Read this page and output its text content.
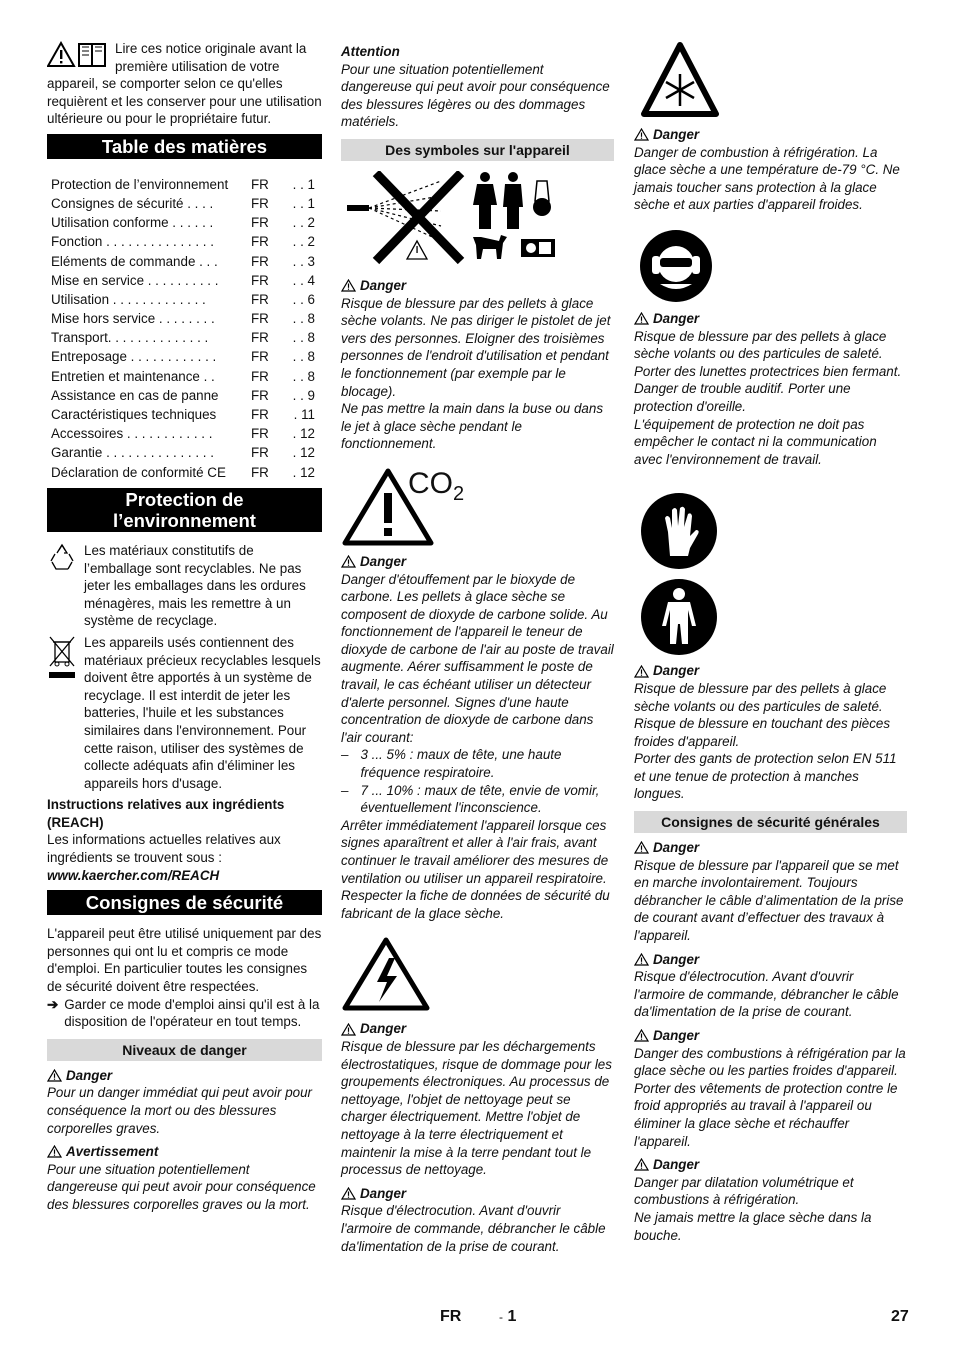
Lire ces notice originale avant la première utilisation de votre appareil, se comporter selon ce qu'elles requièrent et les conserver pour une utilisation ultérieure ou pour le propriétaire futur.

Table des matières
Protection de l’environnement	FR	. . 1
Consignes de sécurité . . . .	FR	. . 1
Utilisation conforme . . . . . .	FR	. . 2
Fonction . . . . . . . . . . . . . . .	FR	. . 2
Eléments de commande . . .	FR	. . 3
Mise en service . . . . . . . . . .	FR	. . 4
Utilisation . . . . . . . . . . . . .	FR	. . 6
Mise hors service . . . . . . . .	FR	. . 8
Transport. . . . . . . . . . . . . .	FR	. . 8
Entreposage . . . . . . . . . . . .	FR	. . 8
Entretien et maintenance . .	FR	. . 8
Assistance en cas de panne	FR	. . 9
Caractéristiques techniques	FR	. 11
Accessoires . . . . . . . . . . . .	FR	. 12
Garantie . . . . . . . . . . . . . . .	FR	. 12
Déclaration de conformité CE	FR	. 12
Protection de l’environnement

Les matériaux constitutifs de l’emballage sont recyclables. Ne pas jeter les emballages dans les ordures ménagères, mais les remettre à un système de recyclage.

Les appareils usés contiennent des matériaux précieux recyclables lesquels doivent être apportés à un système de recyclage. Il est interdit de jeter les batteries, l'huile et les substances similaires dans l'environnement. Pour cette raison, utiliser des systèmes de collecte adéquats afin d'éliminer les appareils hors d'usage.

Instructions relatives aux ingrédients (REACH)

Les informations actuelles relatives aux ingrédients se trouvent sous :

www.kaercher.com/REACH

Consignes de sécurité

L'appareil peut être utilisé uniquement par des personnes qui ont lu et compris ce mode d'emploi. En particulier toutes les consignes de sécurité doivent être respectées.

➔ Garder ce mode d'emploi ainsi qu'il est à la disposition de l'opérateur en tout temps.

Niveaux de danger
Danger

Pour un danger immédiat qui peut avoir pour conséquence la mort ou des blessures corporelles graves.

Avertissement

Pour une situation potentiellement dangereuse qui peut avoir pour conséquence des blessures corporelles graves ou la mort.

Attention

Pour une situation potentiellement dangereuse qui peut avoir pour conséquence des blessures légères ou des dommages matériels.

Des symboles sur l'appareil
Danger

Risque de blessure par des pellets à glace sèche volants. Ne pas diriger le pistolet de jet vers des personnes. Eloigner des troisièmes personnes de l'endroit d'utilisation et pendant le fonctionnement (par exemple par le blocage).

Ne pas mettre la main dans la buse ou dans le jet à glace sèche pendant le fonctionnement.

$CO_2$
Danger

Danger d'étouffement par le bioxyde de carbone. Les pellets à glace sèche se composent de dioxyde de carbone solide. Au fonctionnement de l'appareil le teneur de dioxyde de carbone de l'air au poste de travail augmente. Aérer suffisamment le poste de travail, le cas échéant utiliser un détecteur d'alerte personnel. Signes d'une haute concentration de dioxyde de carbone dans l'air courant:

– 3 ... 5% : maux de tête, une haute fréquence respiratoire.

– 7 ... 10% : maux de tête, envie de vomir, éventuellement l'inconscience.

Arrêter immédiatement l'appareil lorsque ces signes aparaîtrent et aller à l'air frais, avant continuer le travail améliorer des mesures de ventilation ou utiliser un appareil respiratoire.

Respecter la fiche de données de sécurité du fabricant de la glace sèche.

Danger

Risque de blessure par les déchargements électrostatiques, risque de dommage pour les groupements électroniques. Au processus de nettoyage, l'objet de nettoyage peut se charger électriquement. Mettre l'objet de nettoyage à la terre électriquement et maintenir la mise à la terre pendant tout le processus de nettoyage.

Danger

Risque d'électrocution. Avant d'ouvrir l'armoire de commande, débrancher le câble da'limentation de la prise de courant.

Danger

Danger de combustion à réfrigération. La glace sèche a une température de-79 °C. Ne jamais toucher sans protection à la glace sèche et aux parties d'appareil froides.

Danger

Risque de blessure par des pellets à glace sèche volants ou des particules de saleté. Porter des lunettes protectrices bien fermant. Danger de trouble auditif. Porter une protection d'oreille.

L'équipement de protection ne doit pas empêcher le contact ni la communication avec l'environnement de travail.

Danger

Risque de blessure par des pellets à glace sèche volants ou des particules de saleté. Risque de blessure en touchant des pièces froides d'appareil.

Porter des gants de protection selon EN 511 et une tenue de protection à manches longues.

Consignes de sécurité générales
Danger

Risque de blessure par l'appareil que se met en marche involontairement. Toujours débrancher le câble d’alimentation de la prise de courant avant d’effectuer des travaux à l'appareil.

Danger

Risque d'électrocution. Avant d'ouvrir l'armoire de commande, débrancher le câble da'limentation de la prise de courant.

Danger

Danger des combustions à réfrigération par la glace sèche ou les parties froides d'appareil. Porter des vêtements de protection contre le froid appropriés au travail à l'appareil ou éliminer la glace sèche et réchauffer l'appareil.

Danger

Danger par dilatation volumétrique et combustions à réfrigération.

Ne jamais mettre la glace sèche dans la bouche.

FR	- 1	27
